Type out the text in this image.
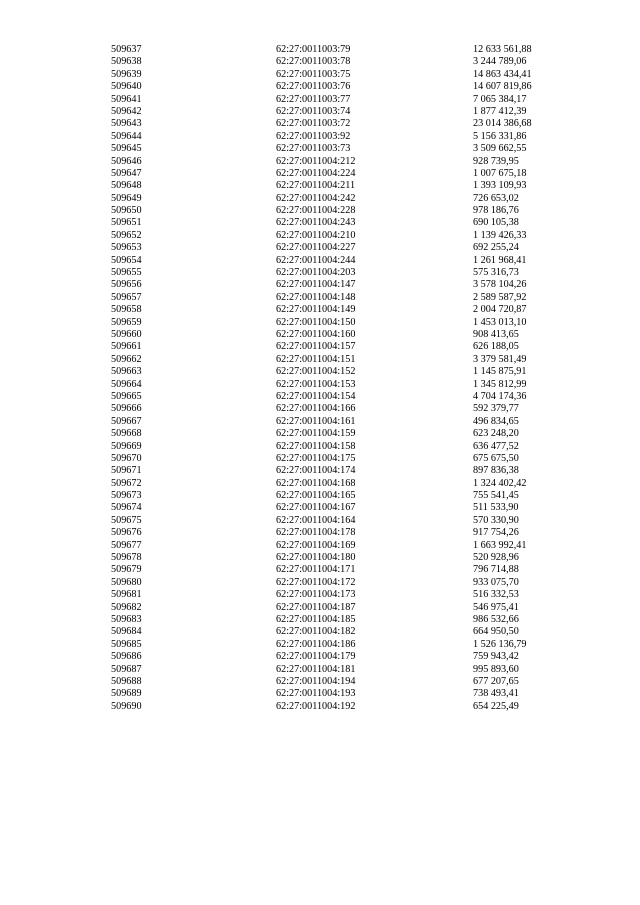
509637	62:27:0011003:79	12 633 561,88
509638	62:27:0011003:78	3 244 789,06
509639	62:27:0011003:75	14 863 434,41
509640	62:27:0011003:76	14 607 819,86
509641	62:27:0011003:77	7 065 384,17
509642	62:27:0011003:74	1 877 412,39
509643	62:27:0011003:72	23 014 386,68
509644	62:27:0011003:92	5 156 331,86
509645	62:27:0011003:73	3 509 662,55
509646	62:27:0011004:212	928 739,95
509647	62:27:0011004:224	1 007 675,18
509648	62:27:0011004:211	1 393 109,93
509649	62:27:0011004:242	726 653,02
509650	62:27:0011004:228	978 186,76
509651	62:27:0011004:243	690 105,38
509652	62:27:0011004:210	1 139 426,33
509653	62:27:0011004:227	692 255,24
509654	62:27:0011004:244	1 261 968,41
509655	62:27:0011004:203	575 316,73
509656	62:27:0011004:147	3 578 104,26
509657	62:27:0011004:148	2 589 587,92
509658	62:27:0011004:149	2 004 720,87
509659	62:27:0011004:150	1 453 013,10
509660	62:27:0011004:160	908 413,65
509661	62:27:0011004:157	626 188,05
509662	62:27:0011004:151	3 379 581,49
509663	62:27:0011004:152	1 145 875,91
509664	62:27:0011004:153	1 345 812,99
509665	62:27:0011004:154	4 704 174,36
509666	62:27:0011004:166	592 379,77
509667	62:27:0011004:161	496 834,65
509668	62:27:0011004:159	623 248,20
509669	62:27:0011004:158	636 477,52
509670	62:27:0011004:175	675 675,50
509671	62:27:0011004:174	897 836,38
509672	62:27:0011004:168	1 324 402,42
509673	62:27:0011004:165	755 541,45
509674	62:27:0011004:167	511 533,90
509675	62:27:0011004:164	570 330,90
509676	62:27:0011004:178	917 754,26
509677	62:27:0011004:169	1 663 992,41
509678	62:27:0011004:180	520 928,96
509679	62:27:0011004:171	796 714,88
509680	62:27:0011004:172	933 075,70
509681	62:27:0011004:173	516 332,53
509682	62:27:0011004:187	546 975,41
509683	62:27:0011004:185	986 532,66
509684	62:27:0011004:182	664 950,50
509685	62:27:0011004:186	1 526 136,79
509686	62:27:0011004:179	759 943,42
509687	62:27:0011004:181	995 893,60
509688	62:27:0011004:194	677 207,65
509689	62:27:0011004:193	738 493,41
509690	62:27:0011004:192	654 225,49
